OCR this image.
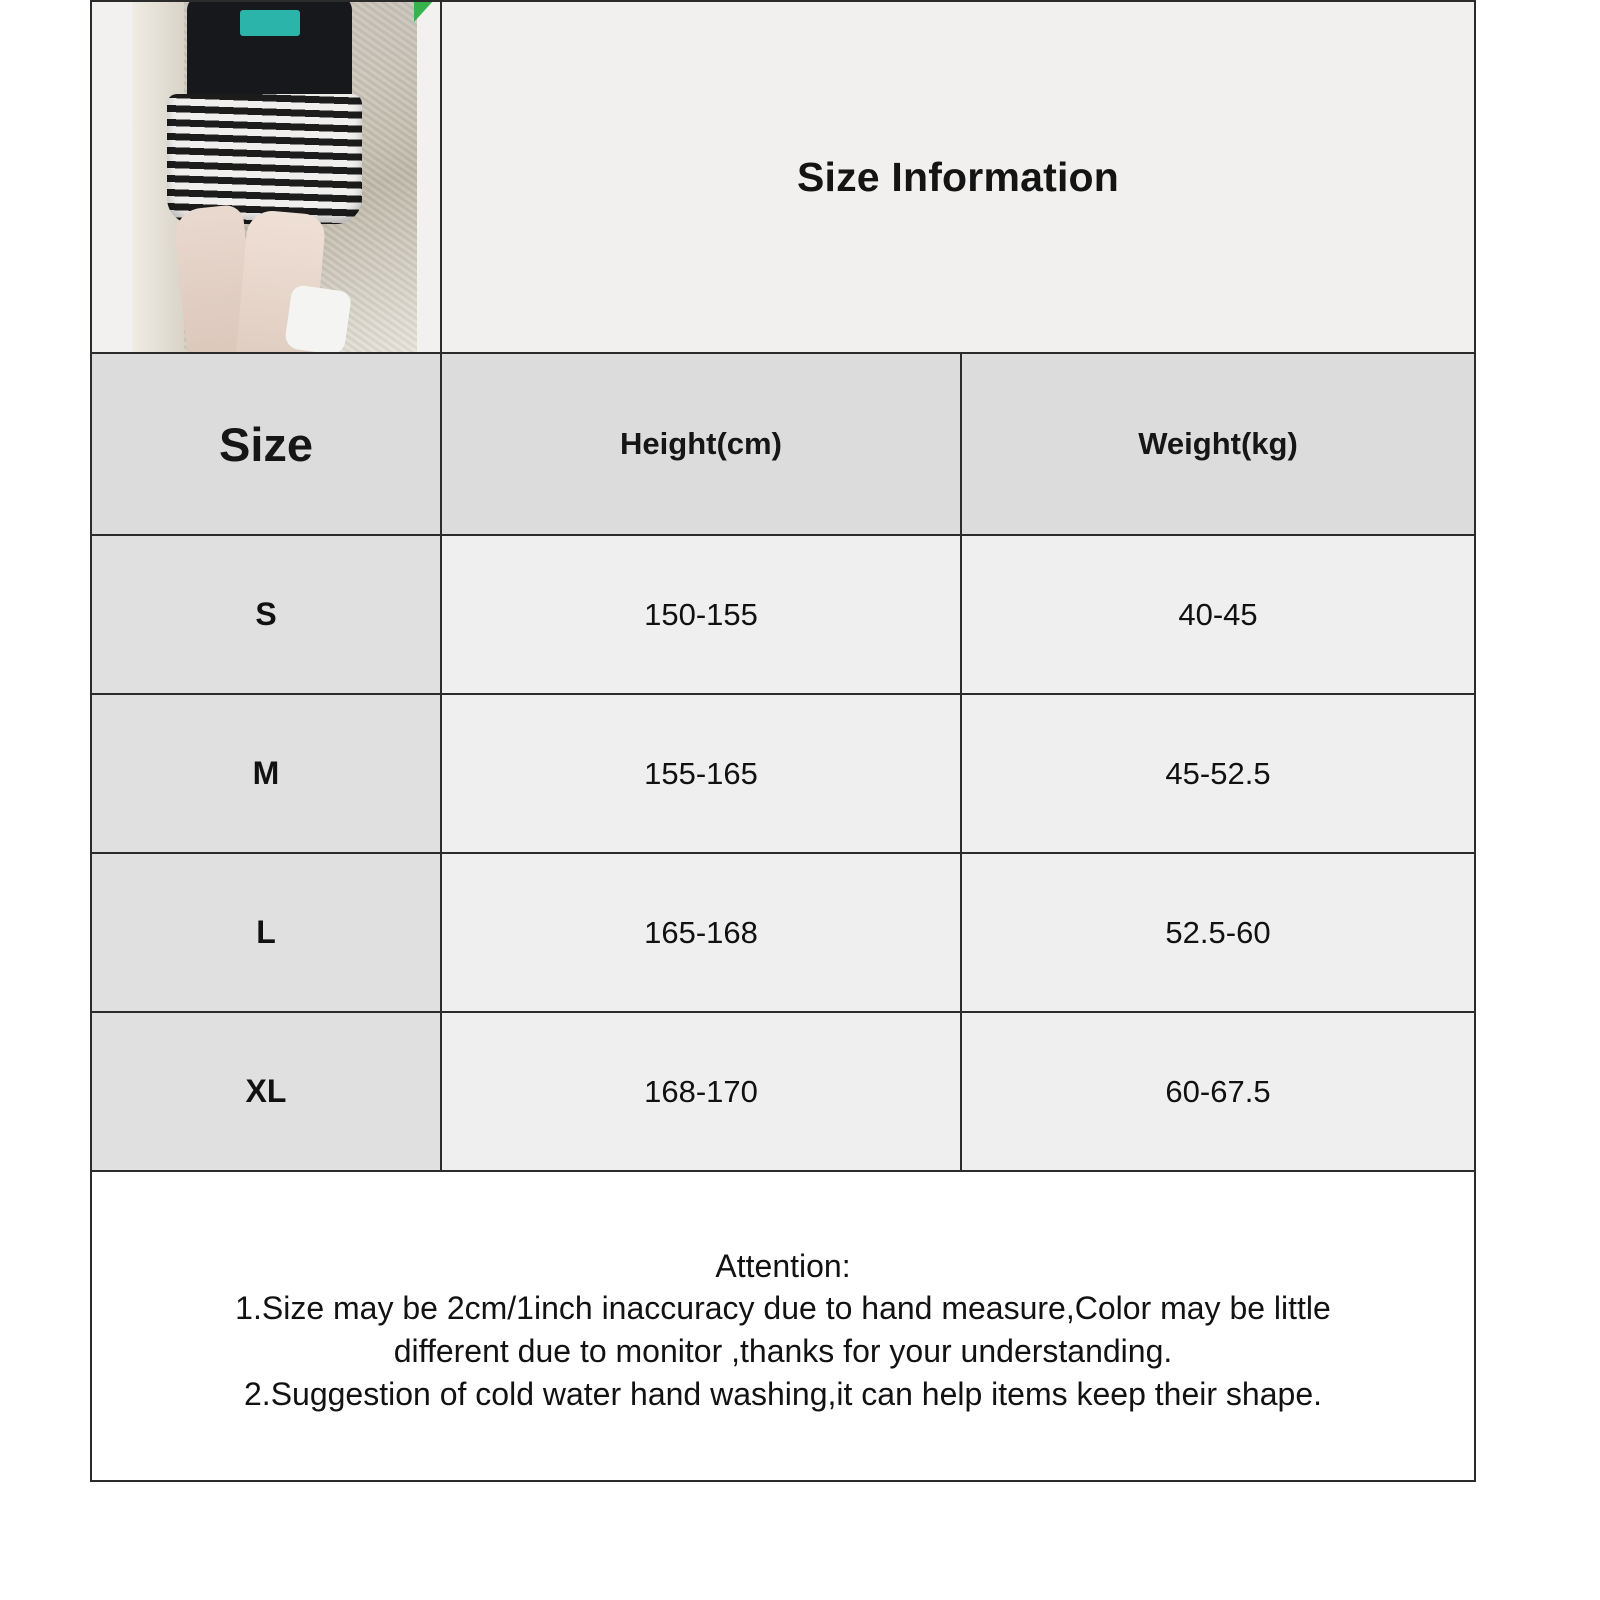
	Size Information	
Size	Height(cm)	Weight(kg)
S	150-155	40-45
M	155-165	45-52.5
L	165-168	52.5-60
XL	168-170	60-67.5

Attention:
1.Size may be 2cm/1inch inaccuracy due to hand measure,Color may be little
different due to monitor ,thanks for your understanding.
2.Suggestion of cold water hand washing,it can help items keep their shape.		
